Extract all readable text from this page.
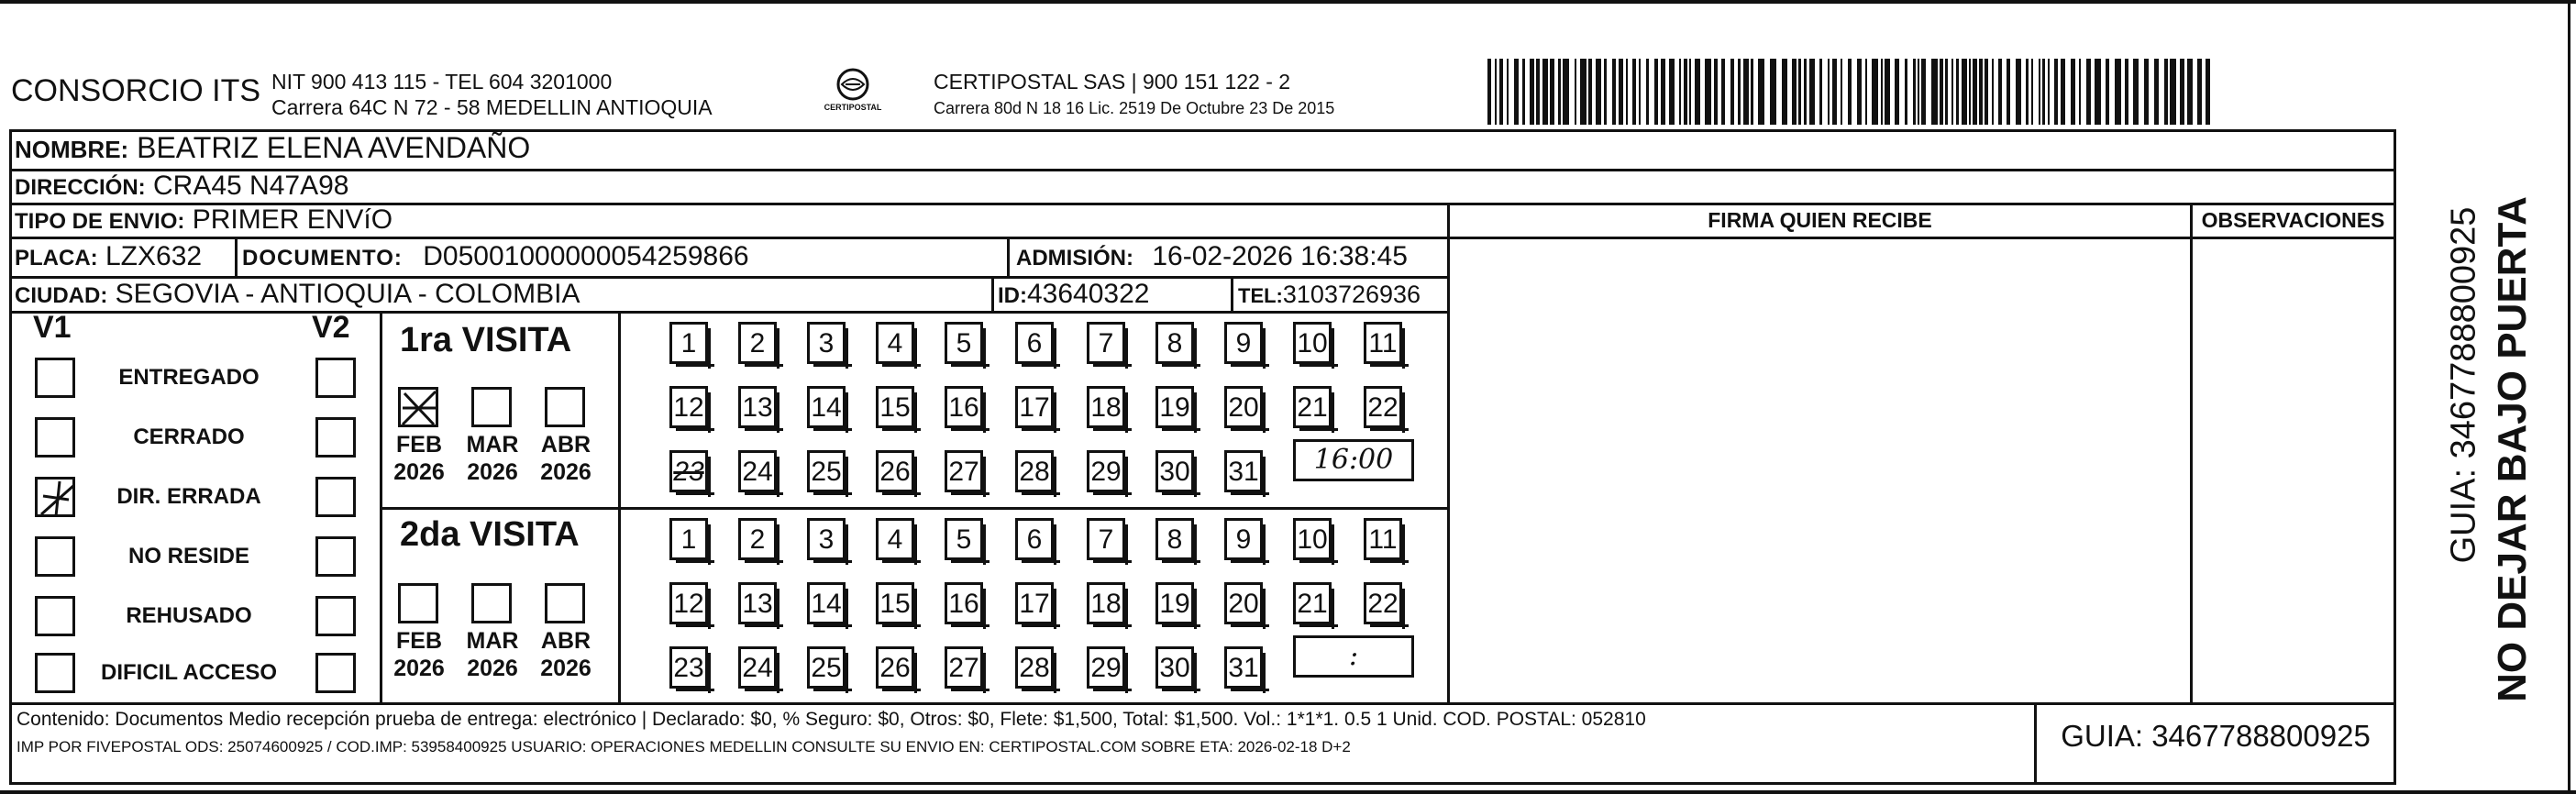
CONSORCIO ITS NIT 900 413 115 - TEL 604 3201000
Carrera 64C N 72 - 58 MEDELLIN ANTIOQUIA	CERTIPOSTAL
CERTIPOSTAL SAS | 900 151 122 - 2
Carrera 80d N 18 16 Lic. 2519 De Octubre 23 De 2015
NOMBRE: BEATRIZ ELENA AVENDAÑO
DIRECCIÓN: CRA45 N47A98
TIPO DE ENVIO: PRIMER ENVíO
PLACA: LZX632 DOCUMENTO: D05001000000054259866	ADMISIÓN: 16-02-2026 16:38:45
CIUDAD: SEGOVIA - ANTIOQUIA - COLOMBIA	ID:43640322	TEL:3103726936
FIRMA QUIEN RECIBE	OBSERVACIONES
V1	V2 1ra VISITA
2da VISITA	NO DEJAR BAJO PUERTA
GUIA: 3467788800925
Contenido: Documentos Medio recepción prueba de entrega: electrónico | Declarado: $0, % Seguro: $0, Otros: $0, Flete: $1,500, Total: $1,500. Vol.: 1*1*1. 0.5 1 Unid. COD. POSTAL: 052810
IMP POR FIVEPOSTAL ODS: 25074600925 / COD.IMP: 53958400925 USUARIO: OPERACIONES MEDELLIN CONSULTE SU ENVIO EN: CERTIPOSTAL.COM SOBRE ETA: 2026-02-18 D+2	GUIA: 3467788800925
ENTREGADO
CERRADO
DIR. ERRADA
NO RESIDE
REHUSADO
DIFICIL ACCESO
FEB
2026
MAR
2026
ABR
2026
1	2	3	4	5	6	7	8	9	10 11
12 13 14 15 16 17 18 19 20 21 22
23 24 25 26 27 28 29 30 31	16:00
FEB
2026
MAR
2026
ABR
2026
1	2	3	4	5	6	7	8	9	10 11
12 13 14 15 16 17 18 19 20 21 22
23 24 25 26 27 28 29 30 31	:
